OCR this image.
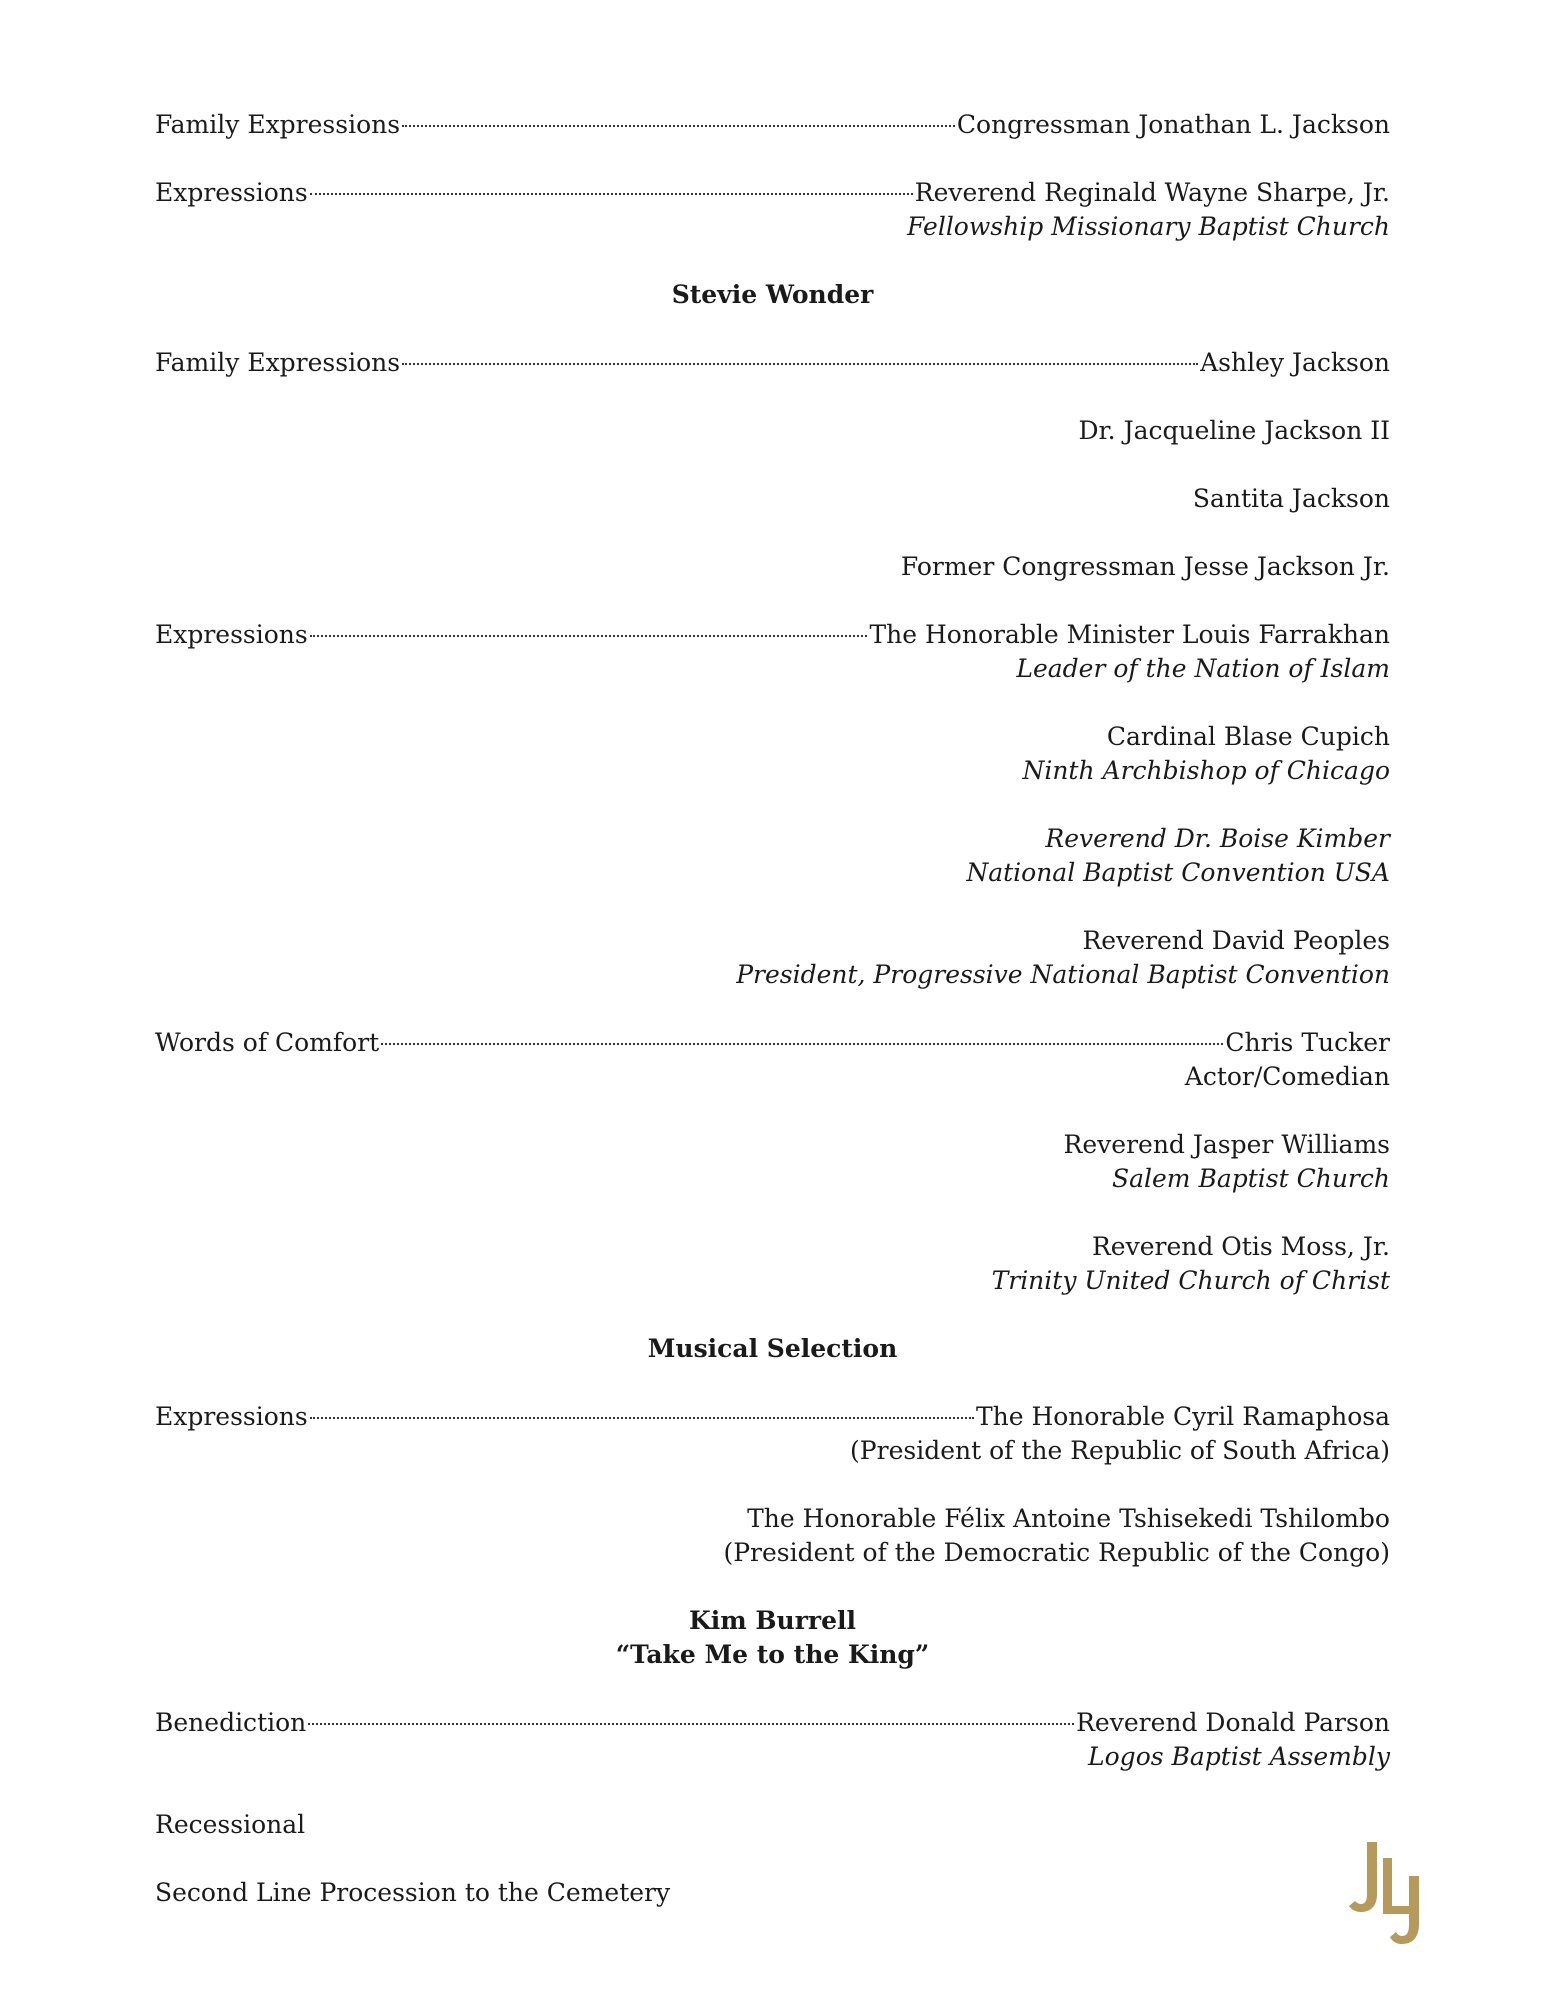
Family Expressions	Congressman Jonathan L. Jackson
Expressions	Reverend Reginald Wayne Sharpe, Jr.
Fellowship Missionary Baptist Church
Stevie Wonder
Family Expressions	Ashley Jackson
Dr. Jacqueline Jackson II
Santita Jackson
Former Congressman Jesse Jackson Jr.
Expressions	The Honorable Minister Louis Farrakhan
Leader of the Nation of Islam
Cardinal Blase Cupich
Ninth Archbishop of Chicago
Reverend Dr. Boise Kimber
National Baptist Convention USA
Reverend David Peoples
President, Progressive National Baptist Convention
Words of Comfort	Chris Tucker
Actor/Comedian
Reverend Jasper Williams
Salem Baptist Church
Reverend Otis Moss, Jr.
Trinity United Church of Christ
Musical Selection
Expressions	The Honorable Cyril Ramaphosa
(President of the Republic of South Africa)
The Honorable Félix Antoine Tshisekedi Tshilombo
(President of the Democratic Republic of the Congo)
Kim Burrell
“Take Me to the King”
Benediction	Reverend Donald Parson
Logos Baptist Assembly
Recessional
Second Line Procession to the Cemetery
